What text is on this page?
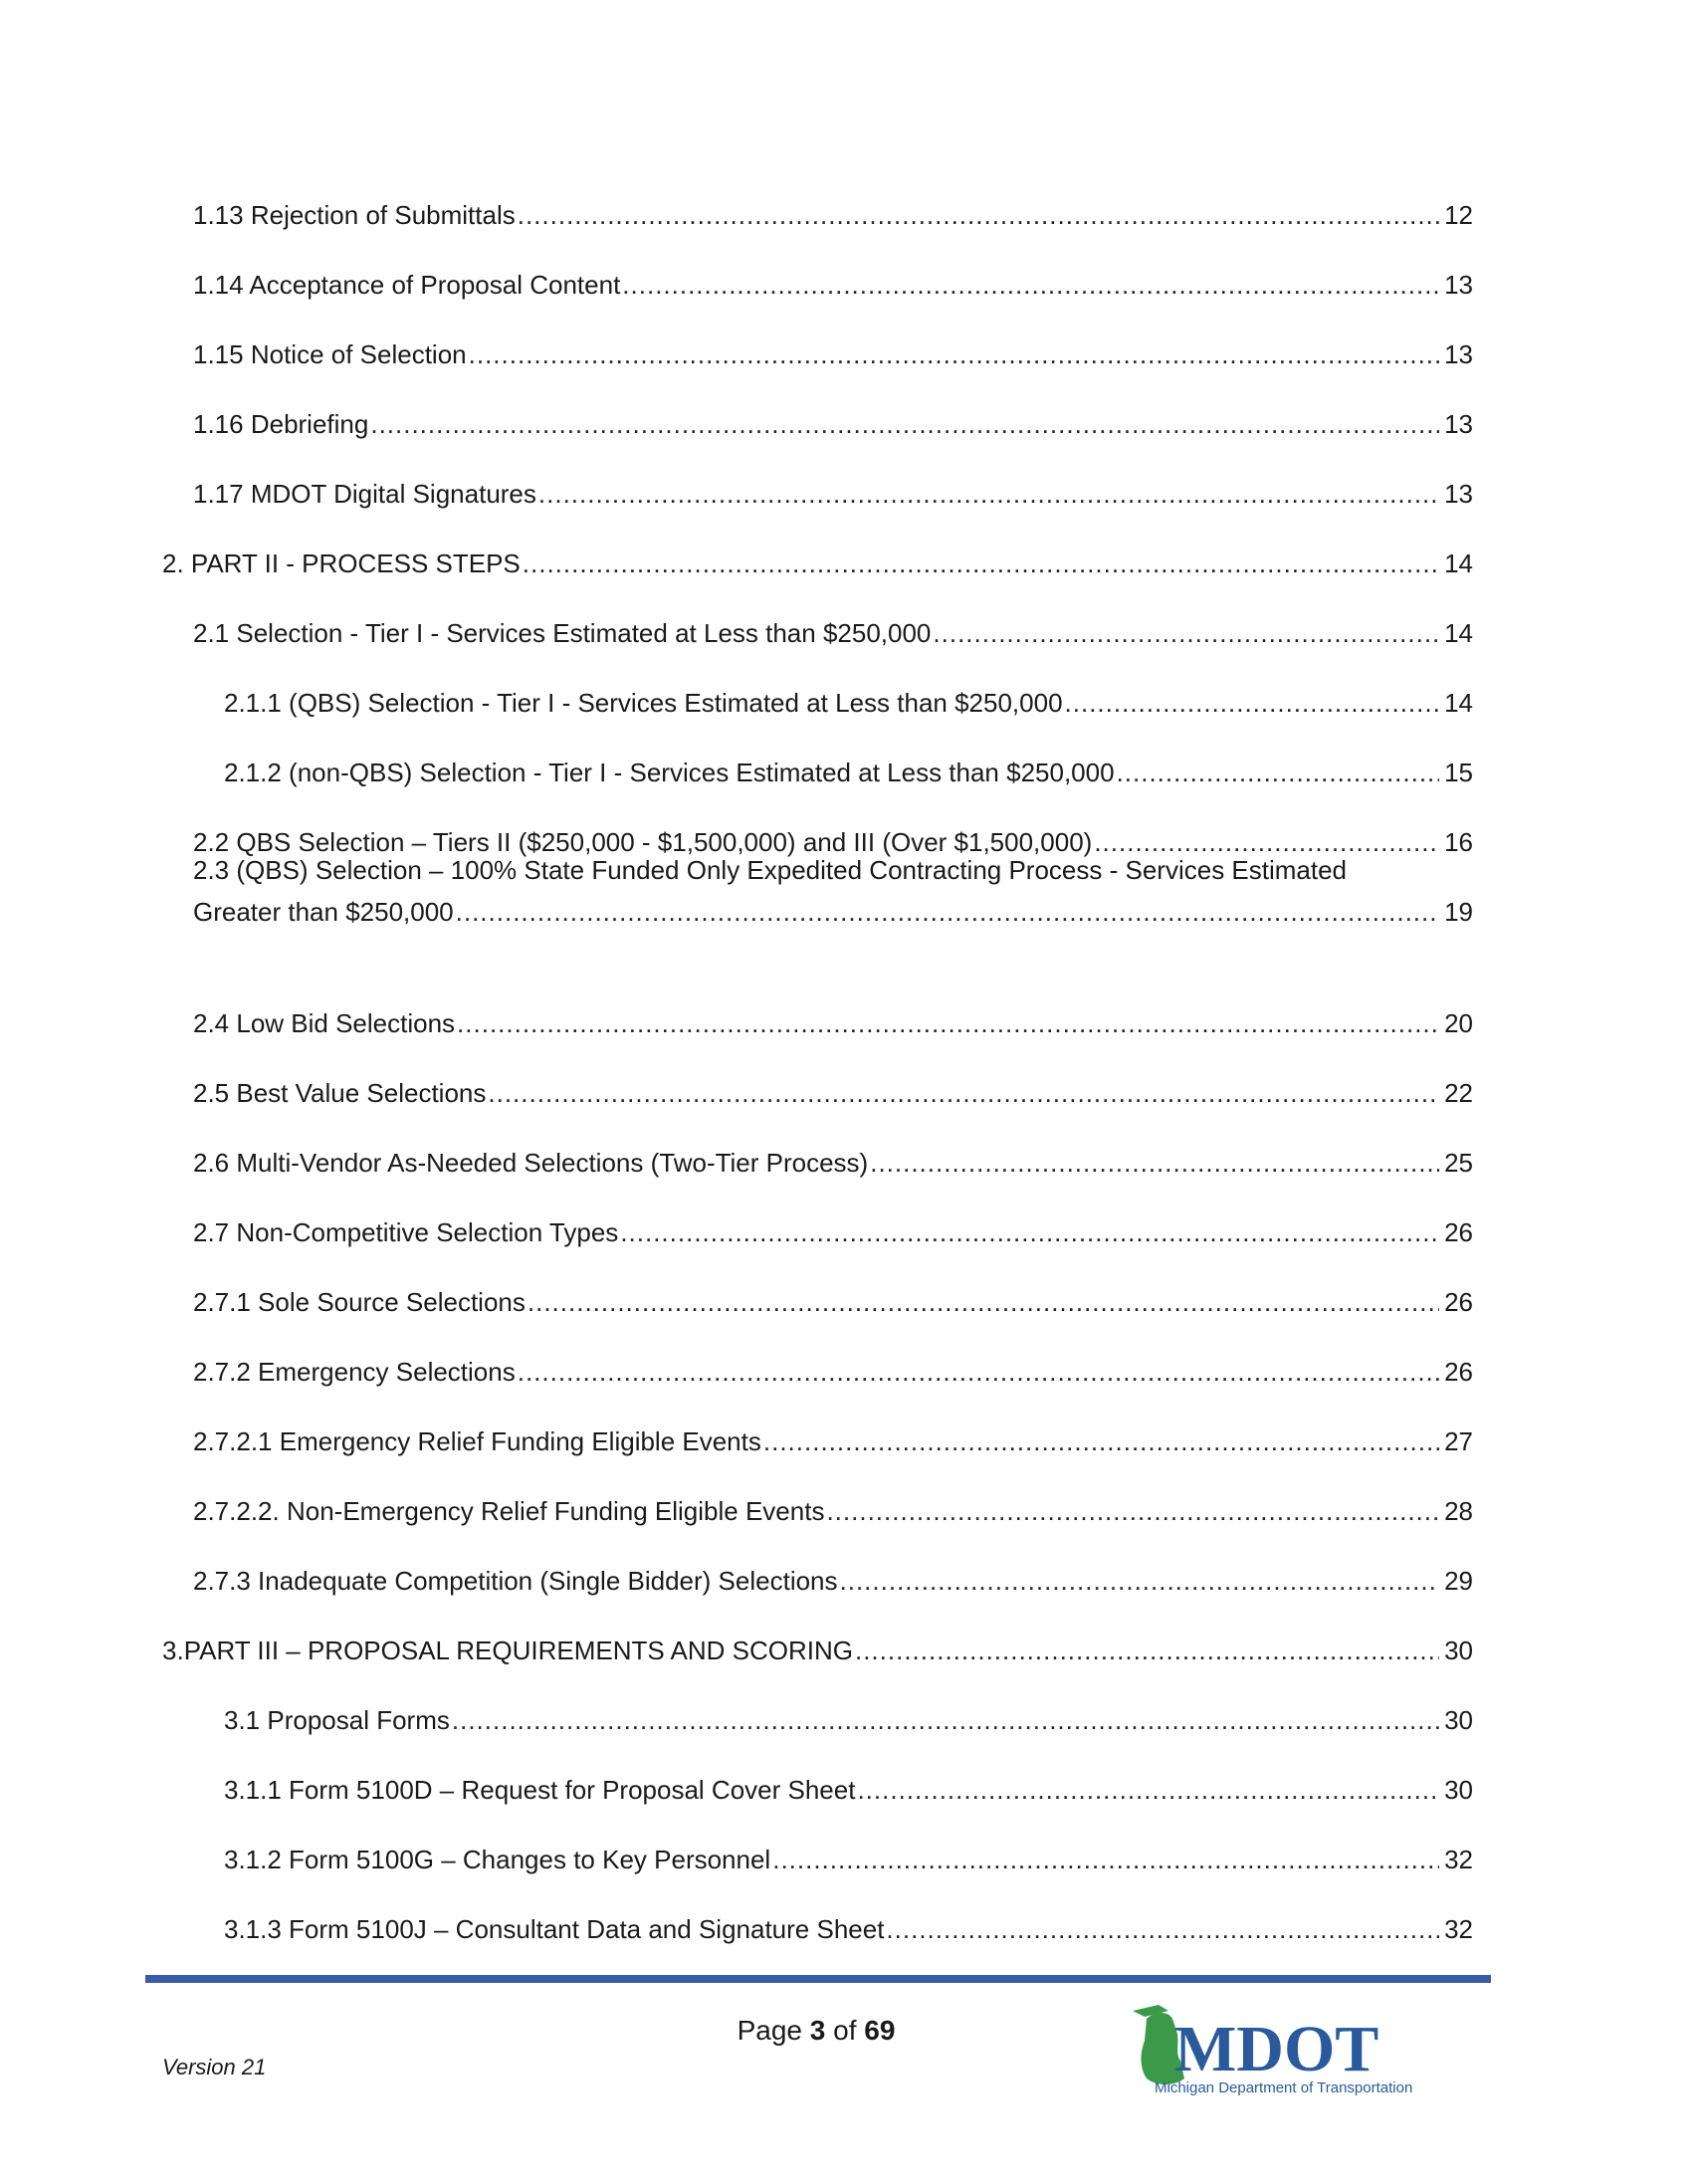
1.13 Rejection of Submittals .....	12
1.14 Acceptance of Proposal Content .....	13
1.15 Notice of Selection .....	13
1.16 Debriefing .....	13
1.17 MDOT Digital Signatures .....	13
2. PART II - PROCESS STEPS .....	14
2.1 Selection - Tier I - Services Estimated at Less than $250,000 .....	14
2.1.1 (QBS) Selection - Tier I - Services Estimated at Less than $250,000 .....	14
2.1.2 (non-QBS) Selection - Tier I - Services Estimated at Less than $250,000 .....	15
2.2 QBS Selection – Tiers II ($250,000 - $1,500,000) and III (Over $1,500,000) .....	16
2.3 (QBS) Selection – 100% State Funded Only Expedited Contracting Process - Services Estimated
Greater than $250,000 .....	19
2.4 Low Bid Selections .....	20
2.5 Best Value Selections .....	22
2.6 Multi-Vendor As-Needed Selections (Two-Tier Process) .....	25
2.7 Non-Competitive Selection Types .....	26
2.7.1 Sole Source Selections .....	26
2.7.2 Emergency Selections .....	26
2.7.2.1 Emergency Relief Funding Eligible Events .....	27
2.7.2.2. Non-Emergency Relief Funding Eligible Events .....	28
2.7.3 Inadequate Competition (Single Bidder) Selections .....	29
3. PART III – PROPOSAL REQUIREMENTS AND SCORING .....	30
3.1 Proposal Forms .....	30
3.1.1 Form 5100D – Request for Proposal Cover Sheet .....	30
3.1.2 Form 5100G – Changes to Key Personnel .....	32
3.1.3 Form 5100J – Consultant Data and Signature Sheet .....	32
Page 3 of 69
Version 21	MDOT
Michigan Department of Transportation
